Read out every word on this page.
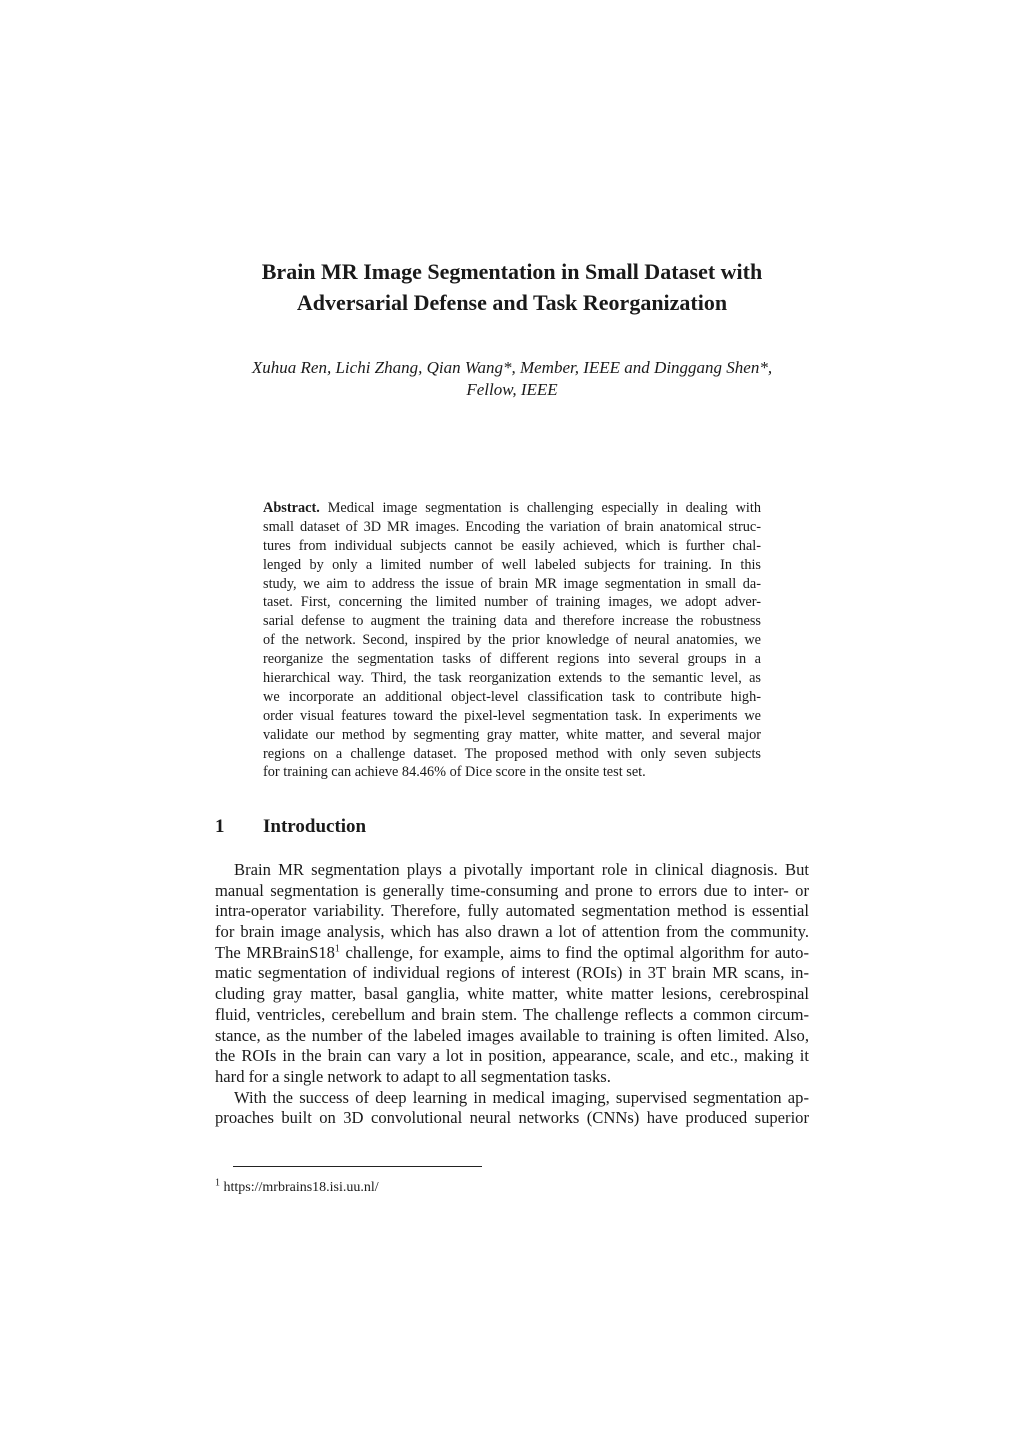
Brain MR Image Segmentation in Small Dataset with
Adversarial Defense and Task Reorganization

Xuhua Ren, Lichi Zhang, Qian Wang*, Member, IEEE and Dinggang Shen*,
Fellow, IEEE

Abstract. Medical image segmentation is challenging especially in dealing with
small dataset of 3D MR images. Encoding the variation of brain anatomical struc-
tures from individual subjects cannot be easily achieved, which is further chal-
lenged by only a limited number of well labeled subjects for training. In this
study, we aim to address the issue of brain MR image segmentation in small da-
taset. First, concerning the limited number of training images, we adopt adver-
sarial defense to augment the training data and therefore increase the robustness
of the network. Second, inspired by the prior knowledge of neural anatomies, we
reorganize the segmentation tasks of different regions into several groups in a
hierarchical way. Third, the task reorganization extends to the semantic level, as
we incorporate an additional object-level classification task to contribute high-
order visual features toward the pixel-level segmentation task. In experiments we
validate our method by segmenting gray matter, white matter, and several major
regions on a challenge dataset. The proposed method with only seven subjects
for training can achieve 84.46% of Dice score in the onsite test set.
1 Introduction
Brain MR segmentation plays a pivotally important role in clinical diagnosis. But
manual segmentation is generally time-consuming and prone to errors due to inter- or
intra-operator variability. Therefore, fully automated segmentation method is essential
for brain image analysis, which has also drawn a lot of attention from the community.
The $MRBrainS18^1$ challenge, for example, aims to find the optimal algorithm for auto-
matic segmentation of individual regions of interest (ROIs) in 3T brain MR scans, in-
cluding gray matter, basal ganglia, white matter, white matter lesions, cerebrospinal
fluid, ventricles, cerebellum and brain stem. The challenge reflects a common circum-
stance, as the number of the labeled images available to training is often limited. Also,
the ROIs in the brain can vary a lot in position, appearance, scale, and etc., making it
hard for a single network to adapt to all segmentation tasks.
With the success of deep learning in medical imaging, supervised segmentation ap-
proaches built on 3D convolutional neural networks (CNNs) have produced superior

$^1$ https://mrbrains18.isi.uu.nl/
